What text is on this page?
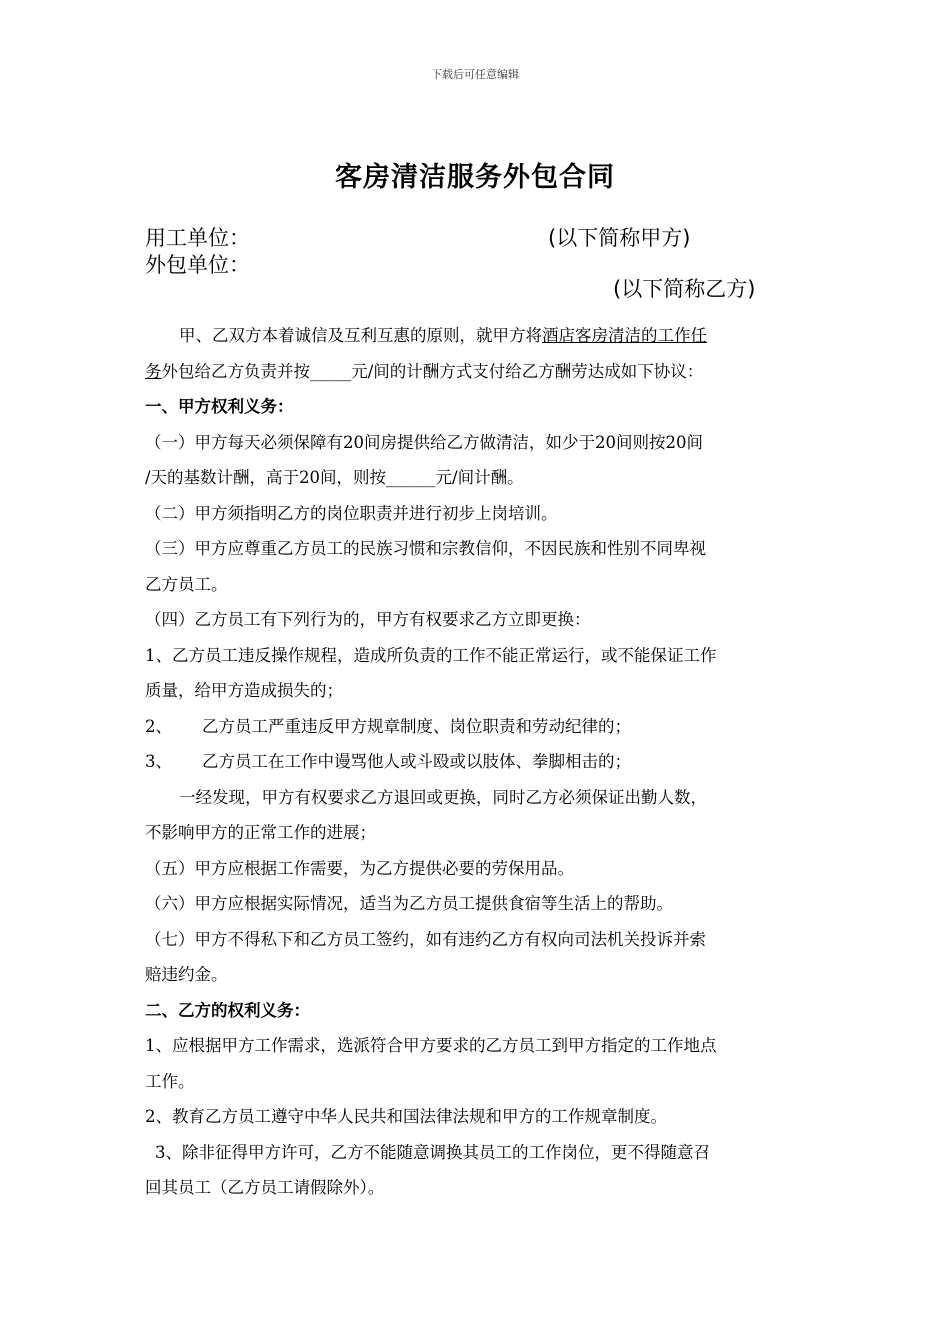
下载后可任意编辑
客房清洁服务外包合同
用工单位：	(以下简称甲方)
外包单位：
(以下简称乙方)
甲、乙双方本着诚信及互利互惠的原则，就甲方将酒店客房清洁的工作任
务外包给乙方负责并按_____元/间的计酬方式支付给乙方酬劳达成如下协议：
一、甲方权利义务：
（一）甲方每天必须保障有20间房提供给乙方做清洁，如少于20间则按20间
/天的基数计酬，高于20间，则按______元/间计酬。
（二）甲方须指明乙方的岗位职责并进行初步上岗培训。
（三）甲方应尊重乙方员工的民族习惯和宗教信仰，不因民族和性别不同卑视
乙方员工。
（四）乙方员工有下列行为的，甲方有权要求乙方立即更换：
1、乙方员工违反操作规程，造成所负责的工作不能正常运行，或不能保证工作
质量，给甲方造成损失的；
2、 乙方员工严重违反甲方规章制度、岗位职责和劳动纪律的；
3、 乙方员工在工作中谩骂他人或斗殴或以肢体、拳脚相击的；
一经发现，甲方有权要求乙方退回或更换，同时乙方必须保证出勤人数，
不影响甲方的正常工作的进展；
（五）甲方应根据工作需要，为乙方提供必要的劳保用品。
（六）甲方应根据实际情况，适当为乙方员工提供食宿等生活上的帮助。
（七）甲方不得私下和乙方员工签约，如有违约乙方有权向司法机关投诉并索
赔违约金。
二、乙方的权利义务：
1、应根据甲方工作需求，选派符合甲方要求的乙方员工到甲方指定的工作地点
工作。
2、教育乙方员工遵守中华人民共和国法律法规和甲方的工作规章制度。
3、除非征得甲方许可，乙方不能随意调换其员工的工作岗位，更不得随意召
回其员工（乙方员工请假除外）。
